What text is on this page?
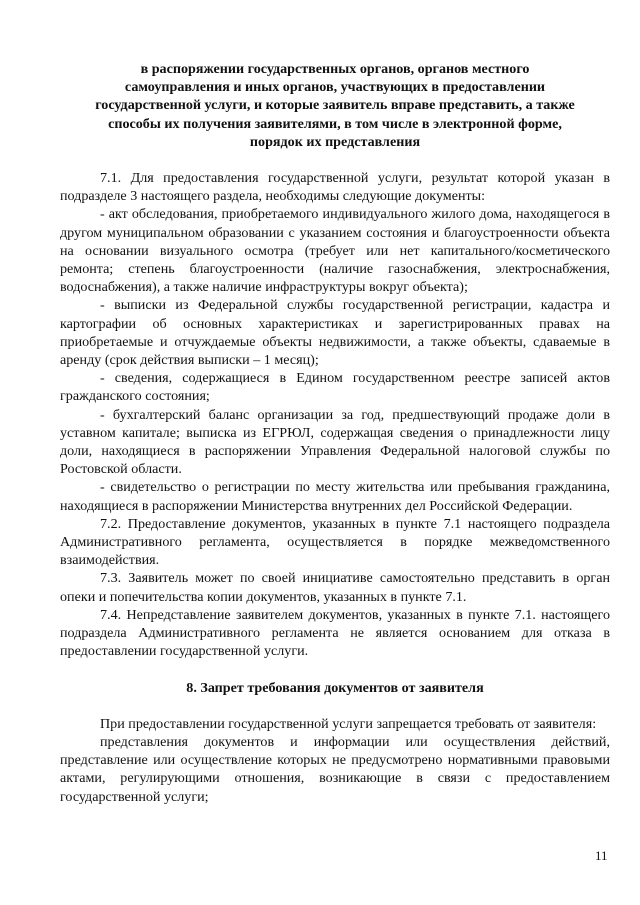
в распоряжении государственных органов, органов местного
самоуправления и иных органов, участвующих в предоставлении
государственной услуги, и которые заявитель вправе представить, а также
способы их получения заявителями, в том числе в электронной форме,
порядок их представления

7.1. Для предоставления государственной услуги, результат которой указан в подразделе 3 настоящего раздела, необходимы следующие документы:

- акт обследования, приобретаемого индивидуального жилого дома, находящегося в другом муниципальном образовании с указанием состояния и благоустроенности объекта на основании визуального осмотра (требует или нет капитального/косметического ремонта; степень благоустроенности (наличие газоснабжения, электроснабжения, водоснабжения), а также наличие инфраструктуры вокруг объекта);

- выписки из Федеральной службы государственной регистрации, кадастра и картографии об основных характеристиках и зарегистрированных правах на приобретаемые и отчуждаемые объекты недвижимости, а также объекты, сдаваемые в аренду (срок действия выписки – 1 месяц);

- сведения, содержащиеся в Едином государственном реестре записей актов гражданского состояния;

- бухгалтерский баланс организации за год, предшествующий продаже доли в уставном капитале; выписка из ЕГРЮЛ, содержащая сведения о принадлежности лицу доли, находящиеся в распоряжении Управления Федеральной налоговой службы по Ростовской области.

- свидетельство о регистрации по месту жительства или пребывания гражданина, находящиеся в распоряжении Министерства внутренних дел Российской Федерации.

7.2. Предоставление документов, указанных в пункте 7.1 настоящего подраздела Административного регламента, осуществляется в порядке межведомственного взаимодействия.

7.3. Заявитель может по своей инициативе самостоятельно представить в орган опеки и попечительства копии документов, указанных в пункте 7.1.

7.4. Непредставление заявителем документов, указанных в пункте 7.1. настоящего подраздела Административного регламента не является основанием для отказа в предоставлении государственной услуги.

8. Запрет требования документов от заявителя

При предоставлении государственной услуги запрещается требовать от заявителя:

представления документов и информации или осуществления действий, представление или осуществление которых не предусмотрено нормативными правовыми актами, регулирующими отношения, возникающие в связи с предоставлением государственной услуги;

11
